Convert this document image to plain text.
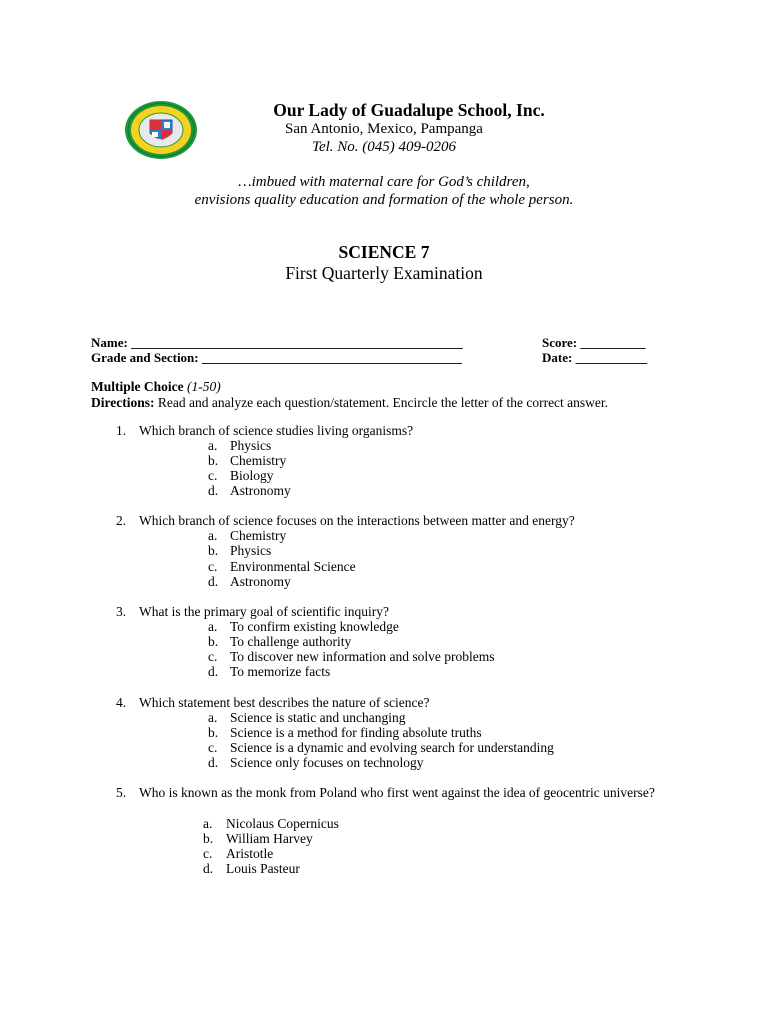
Our Lady of Guadalupe School, Inc.
San Antonio, Mexico, Pampanga
Tel. No. (045) 409-0206
…imbued with maternal care for God’s children,
envisions quality education and formation of the whole person.
SCIENCE 7
First Quarterly Examination
Name: ___________________________________________________	Score: __________
Grade and Section: ________________________________________	Date: ___________
Multiple Choice (1-50)
Directions: Read and analyze each question/statement. Encircle the letter of the correct answer.
1. Which branch of science studies living organisms?
a. Physics
b. Chemistry
c. Biology
d. Astronomy
2. Which branch of science focuses on the interactions between matter and energy?
a. Chemistry
b. Physics
c. Environmental Science
d. Astronomy
3. What is the primary goal of scientific inquiry?
a. To confirm existing knowledge
b. To challenge authority
c. To discover new information and solve problems
d. To memorize facts
4. Which statement best describes the nature of science?
a. Science is static and unchanging
b. Science is a method for finding absolute truths
c. Science is a dynamic and evolving search for understanding
d. Science only focuses on technology
5. Who is known as the monk from Poland who first went against the idea of geocentric universe?
a.	Nicolaus Copernicus
b. William Harvey
c.	Aristotle
d. Louis Pasteur
